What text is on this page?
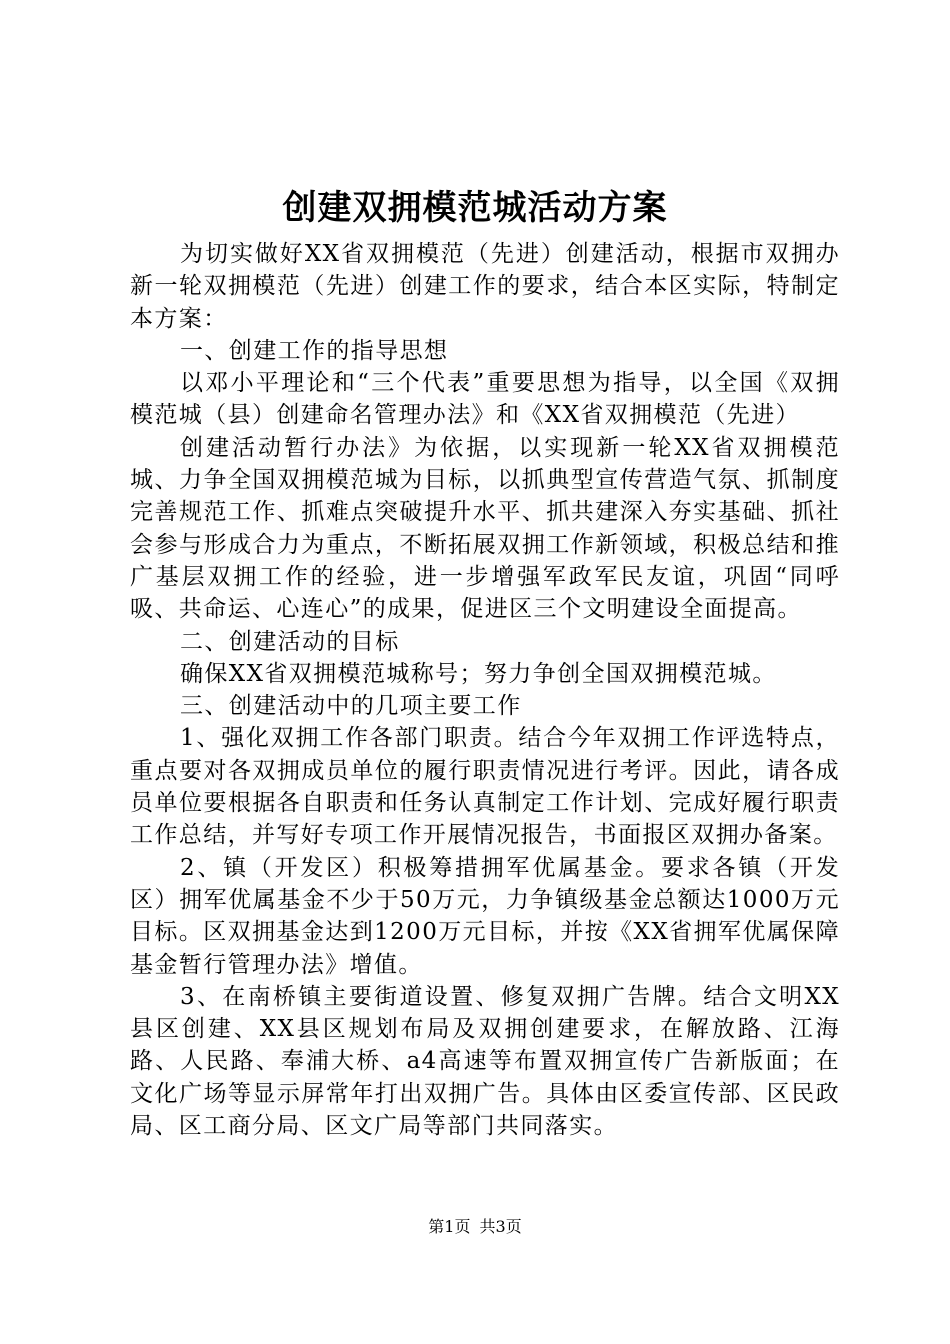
创建双拥模范城活动方案

为切实做好XX省双拥模范（先进）创建活动，根据市双拥办新一轮双拥模范（先进）创建工作的要求，结合本区实际，特制定本方案：

一、创建工作的指导思想

以邓小平理论和“三个代表”重要思想为指导，以全国《双拥模范城（县）创建命名管理办法》和《XX省双拥模范（先进）

创建活动暂行办法》为依据，以实现新一轮XX省双拥模范城、力争全国双拥模范城为目标，以抓典型宣传营造气氛、抓制度完善规范工作、抓难点突破提升水平、抓共建深入夯实基础、抓社会参与形成合力为重点，不断拓展双拥工作新领域，积极总结和推广基层双拥工作的经验，进一步增强军政军民友谊，巩固“同呼吸、共命运、心连心”的成果，促进区三个文明建设全面提高。

二、创建活动的目标

确保XX省双拥模范城称号；努力争创全国双拥模范城。

三、创建活动中的几项主要工作

1、强化双拥工作各部门职责。结合今年双拥工作评选特点，重点要对各双拥成员单位的履行职责情况进行考评。因此，请各成员单位要根据各自职责和任务认真制定工作计划、完成好履行职责工作总结，并写好专项工作开展情况报告，书面报区双拥办备案。

2、镇（开发区）积极筹措拥军优属基金。要求各镇（开发区）拥军优属基金不少于50万元，力争镇级基金总额达1000万元目标。区双拥基金达到1200万元目标，并按《XX省拥军优属保障基金暂行管理办法》增值。

3、在南桥镇主要街道设置、修复双拥广告牌。结合文明XX县区创建、XX县区规划布局及双拥创建要求，在解放路、江海路、人民路、奉浦大桥、a4高速等布置双拥宣传广告新版面；在文化广场等显示屏常年打出双拥广告。具体由区委宣传部、区民政局、区工商分局、区文广局等部门共同落实。

第1页 共3页
